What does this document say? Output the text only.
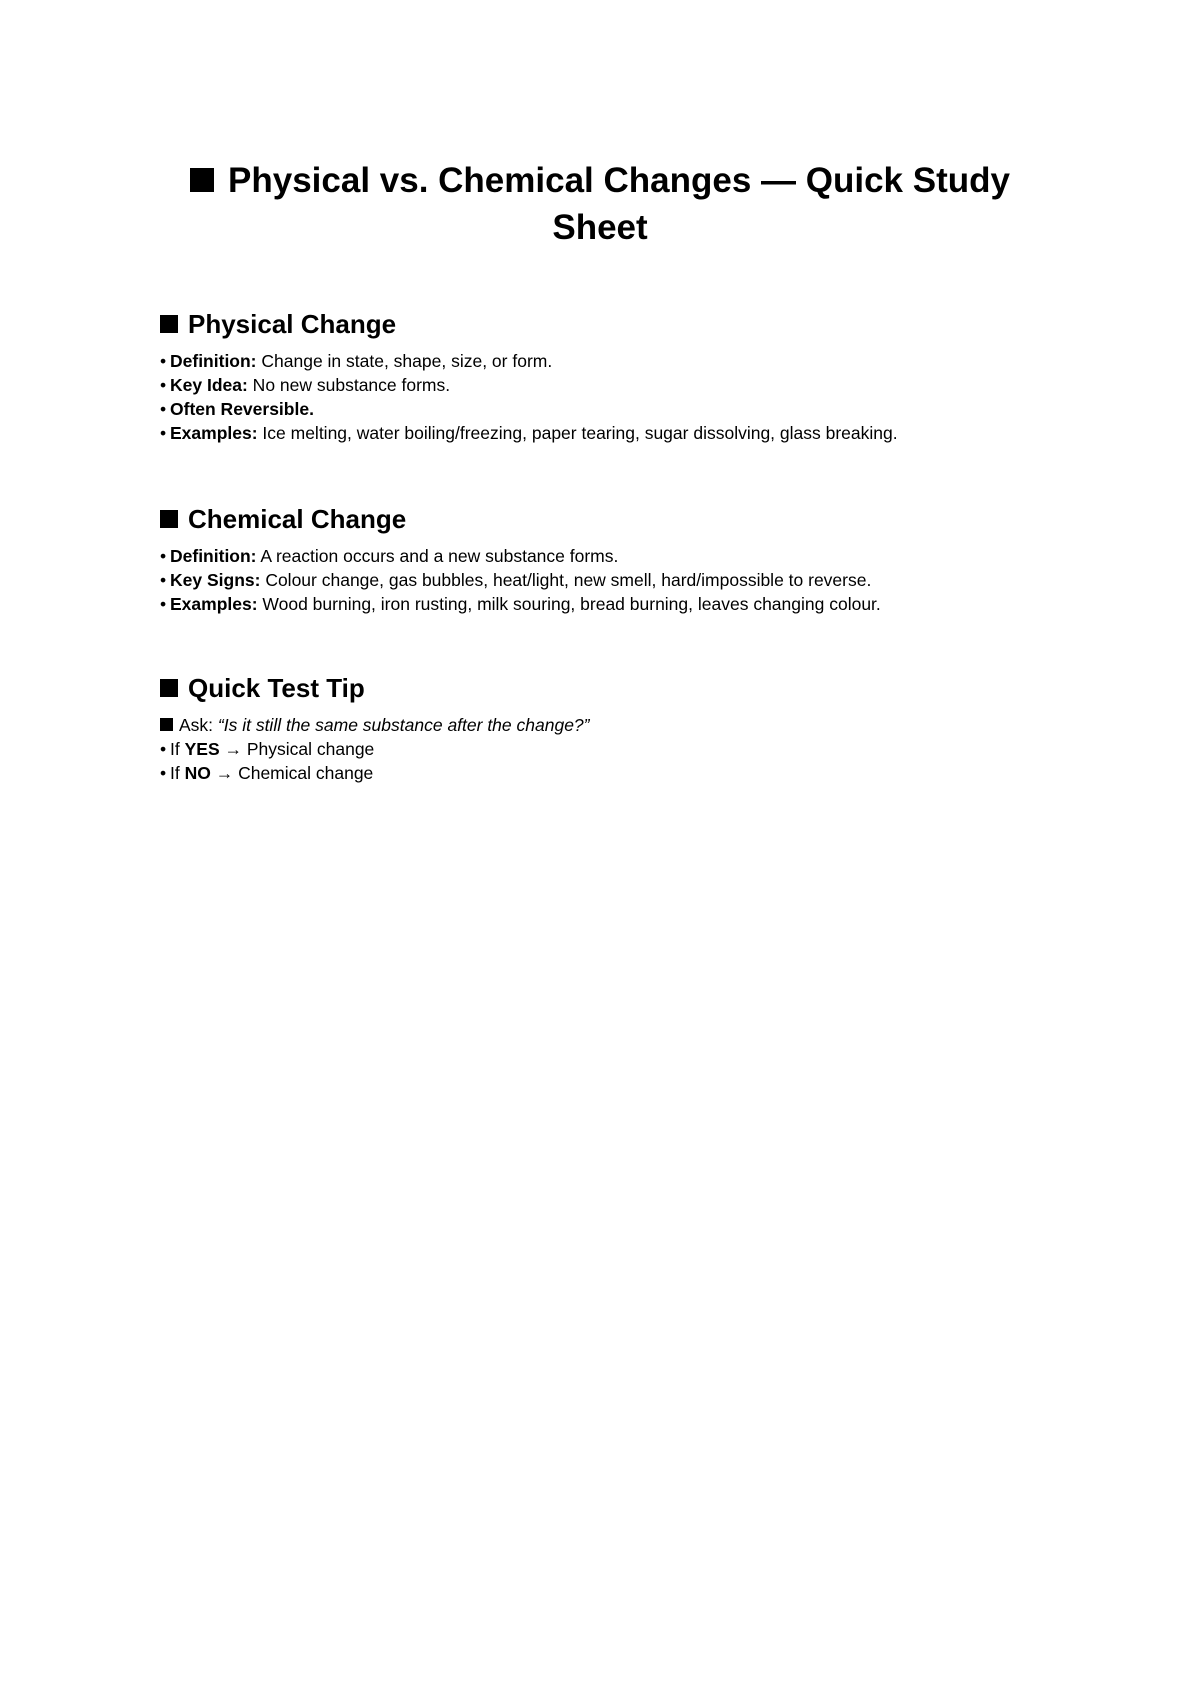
Physical vs. Chemical Changes — Quick Study Sheet
Physical Change
• Definition: Change in state, shape, size, or form.
• Key Idea: No new substance forms.
• Often Reversible.
• Examples: Ice melting, water boiling/freezing, paper tearing, sugar dissolving, glass breaking.
Chemical Change
• Definition: A reaction occurs and a new substance forms.
• Key Signs: Colour change, gas bubbles, heat/light, new smell, hard/impossible to reverse.
• Examples: Wood burning, iron rusting, milk souring, bread burning, leaves changing colour.
Quick Test Tip
Ask: “Is it still the same substance after the change?”
• If YES → Physical change
• If NO → Chemical change
